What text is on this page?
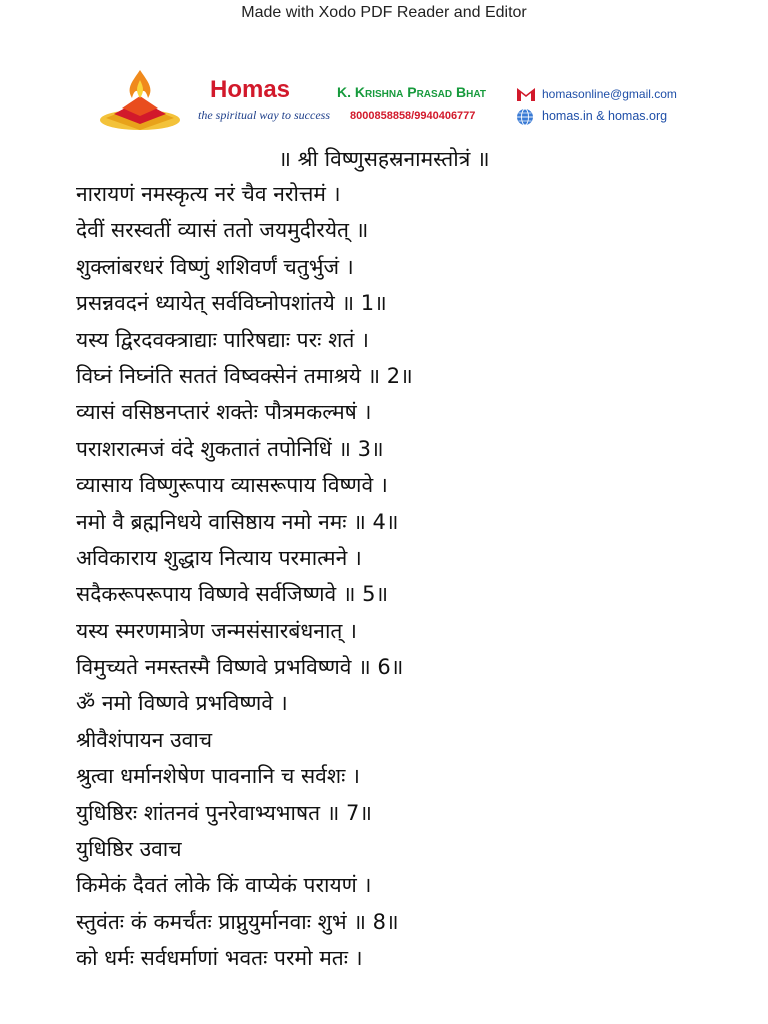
Made with Xodo PDF Reader and Editor
Homas
the spiritual way to success
K. Krishna Prasad Bhat
8000858858/9940406777
homasonline@gmail.com
homas.in & homas.org
॥ श्री विष्णुसहस्रनामस्तोत्रं ॥
नारायणं नमस्कृत्य नरं चैव नरोत्तमं ।
देवीं सरस्वतीं व्यासं ततो जयमुदीरयेत् ॥
शुक्लांबरधरं विष्णुं शशिवर्णं चतुर्भुजं ।
प्रसन्नवदनं ध्यायेत् सर्वविघ्नोपशांतये ॥ 1॥
यस्य द्विरदवक्त्राद्याः पारिषद्याः परः शतं ।
विघ्नं निघ्नंति सततं विष्वक्सेनं तमाश्रये ॥ 2॥
व्यासं वसिष्ठनप्तारं शक्तेः पौत्रमकल्मषं ।
पराशरात्मजं वंदे शुकतातं तपोनिधिं ॥ 3॥
व्यासाय विष्णुरूपाय व्यासरूपाय विष्णवे ।
नमो वै ब्रह्मनिधये वासिष्ठाय नमो नमः ॥ 4॥
अविकाराय शुद्धाय नित्याय परमात्मने ।
सदैकरूपरूपाय विष्णवे सर्वजिष्णवे ॥ 5॥
यस्य स्मरणमात्रेण जन्मसंसारबंधनात् ।
विमुच्यते नमस्तस्मै विष्णवे प्रभविष्णवे ॥ 6॥
ॐ नमो विष्णवे प्रभविष्णवे ।
श्रीवैशंपायन उवाच
श्रुत्वा धर्मानशेषेण पावनानि च सर्वशः ।
युधिष्ठिरः शांतनवं पुनरेवाभ्यभाषत ॥ 7॥
युधिष्ठिर उवाच
किमेकं दैवतं लोके किं वाप्येकं परायणं ।
स्तुवंतः कं कमर्चंतः प्राप्नुयुर्मानवाः शुभं ॥ 8॥
को धर्मः सर्वधर्माणां भवतः परमो मतः ।
